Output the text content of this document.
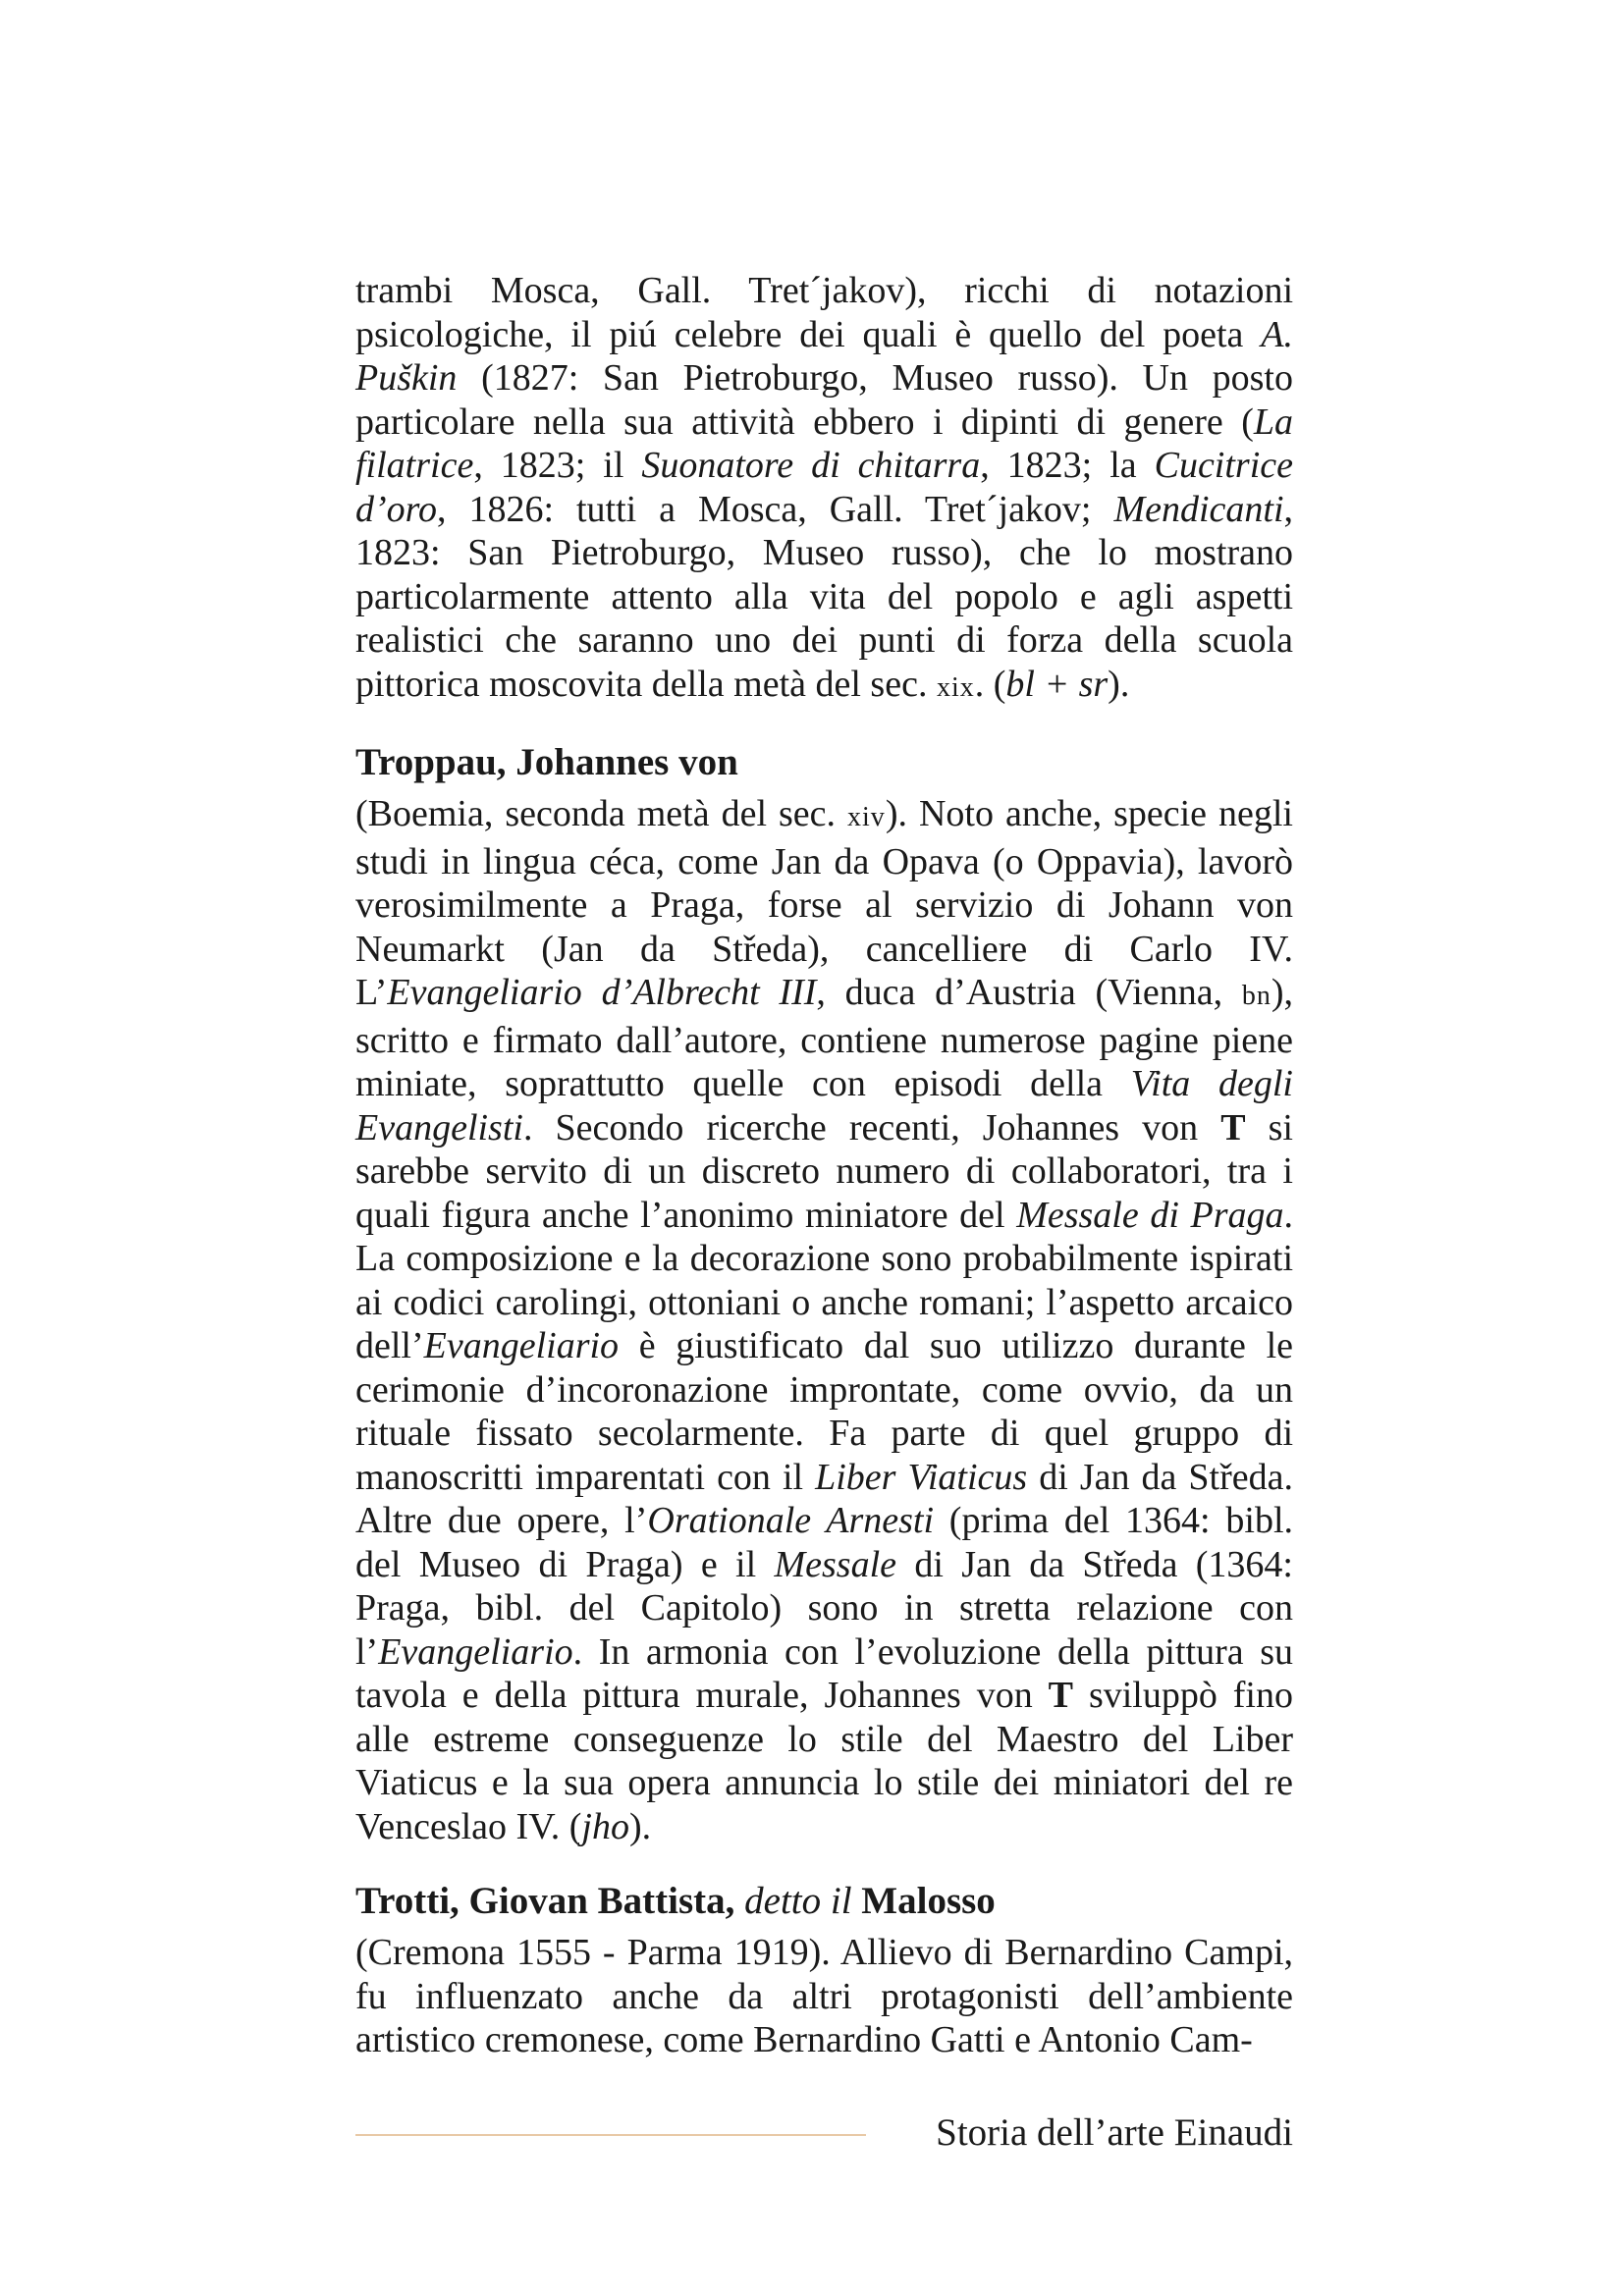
trambi Mosca, Gall. Tret´jakov), ricchi di notazioni psicologiche, il piú celebre dei quali è quello del poeta A. Puškin (1827: San Pietroburgo, Museo russo). Un posto particolare nella sua attività ebbero i dipinti di genere (La filatrice, 1823; il Suonatore di chitarra, 1823; la Cucitrice d’oro, 1826: tutti a Mosca, Gall. Tret´jakov; Mendicanti, 1823: San Pietroburgo, Museo russo), che lo mostrano particolarmente attento alla vita del popolo e agli aspetti realistici che saranno uno dei punti di forza della scuola pittorica moscovita della metà del sec. xix. (bl + sr).

Troppau, Johannes von

(Boemia, seconda metà del sec. xiv). Noto anche, specie negli studi in lingua céca, come Jan da Opava (o Oppavia), lavorò verosimilmente a Praga, forse al servizio di Johann von Neumarkt (Jan da Středa), cancelliere di Carlo IV. L’Evangeliario d’Albrecht III, duca d’Austria (Vienna, bn), scritto e firmato dall’autore, contiene numerose pagine piene miniate, soprattutto quelle con episodi della Vita degli Evangelisti. Secondo ricerche recenti, Johannes von T si sarebbe servito di un discreto numero di collaboratori, tra i quali figura anche l’anonimo miniatore del Messale di Praga. La composizione e la decorazione sono probabilmente ispirati ai codici carolingi, ottoniani o anche romani; l’aspetto arcaico dell’Evangeliario è giustificato dal suo utilizzo durante le cerimonie d’incoronazione improntate, come ovvio, da un rituale fissato secolarmente. Fa parte di quel gruppo di manoscritti imparentati con il Liber Viaticus di Jan da Středa. Altre due opere, l’Orationale Arnesti (prima del 1364: bibl. del Museo di Praga) e il Messale di Jan da Středa (1364: Praga, bibl. del Capitolo) sono in stretta relazione con l’Evangeliario. In armonia con l’evoluzione della pittura su tavola e della pittura murale, Johannes von T sviluppò fino alle estreme conseguenze lo stile del Maestro del Liber Viaticus e la sua opera annuncia lo stile dei miniatori del re Venceslao IV. (jho).

Trotti, Giovan Battista, detto il Malosso

(Cremona 1555 - Parma 1919). Allievo di Bernardino Campi, fu influenzato anche da altri protagonisti dell’ambiente artistico cremonese, come Bernardino Gatti e Antonio Cam-

Storia dell’arte Einaudi
